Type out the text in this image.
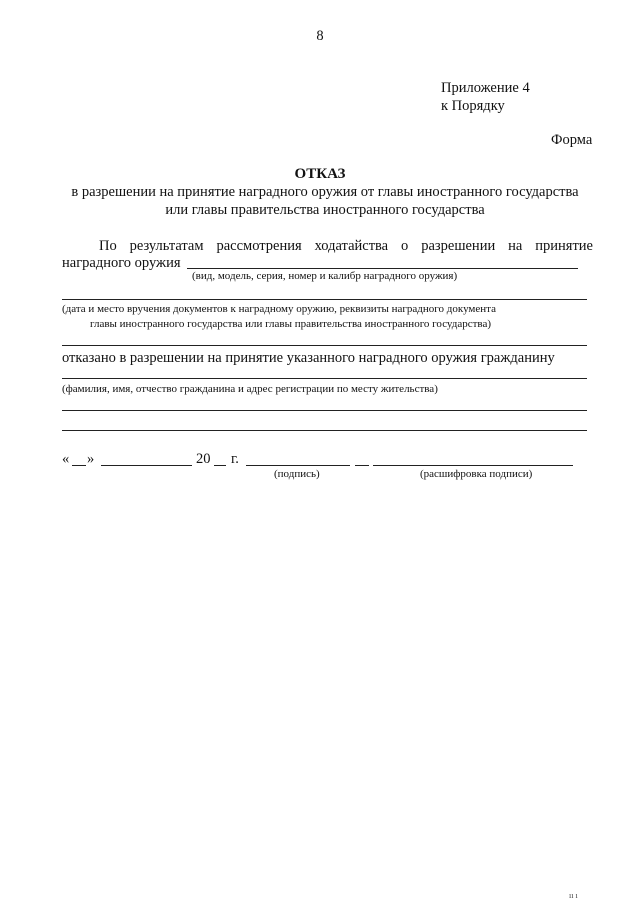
8
Приложение 4
к Порядку
Форма
ОТКАЗ
в разрешении на принятие наградного оружия от главы иностранного государства
или главы правительства иностранного государства
По результатам рассмотрения ходатайства о разрешении на принятие
наградного оружия
(вид, модель, серия, номер и калибр наградного оружия)
(дата и место вручения документов к наградному оружию, реквизиты наградного документа
главы иностранного государства или главы правительства иностранного государства)
отказано в разрешении на принятие указанного наградного оружия гражданину
(фамилия, имя, отчество гражданина и адрес регистрации по месту жительства)
« »	20 г.
(подпись)	(расшифровка подписи)
ıı ı
